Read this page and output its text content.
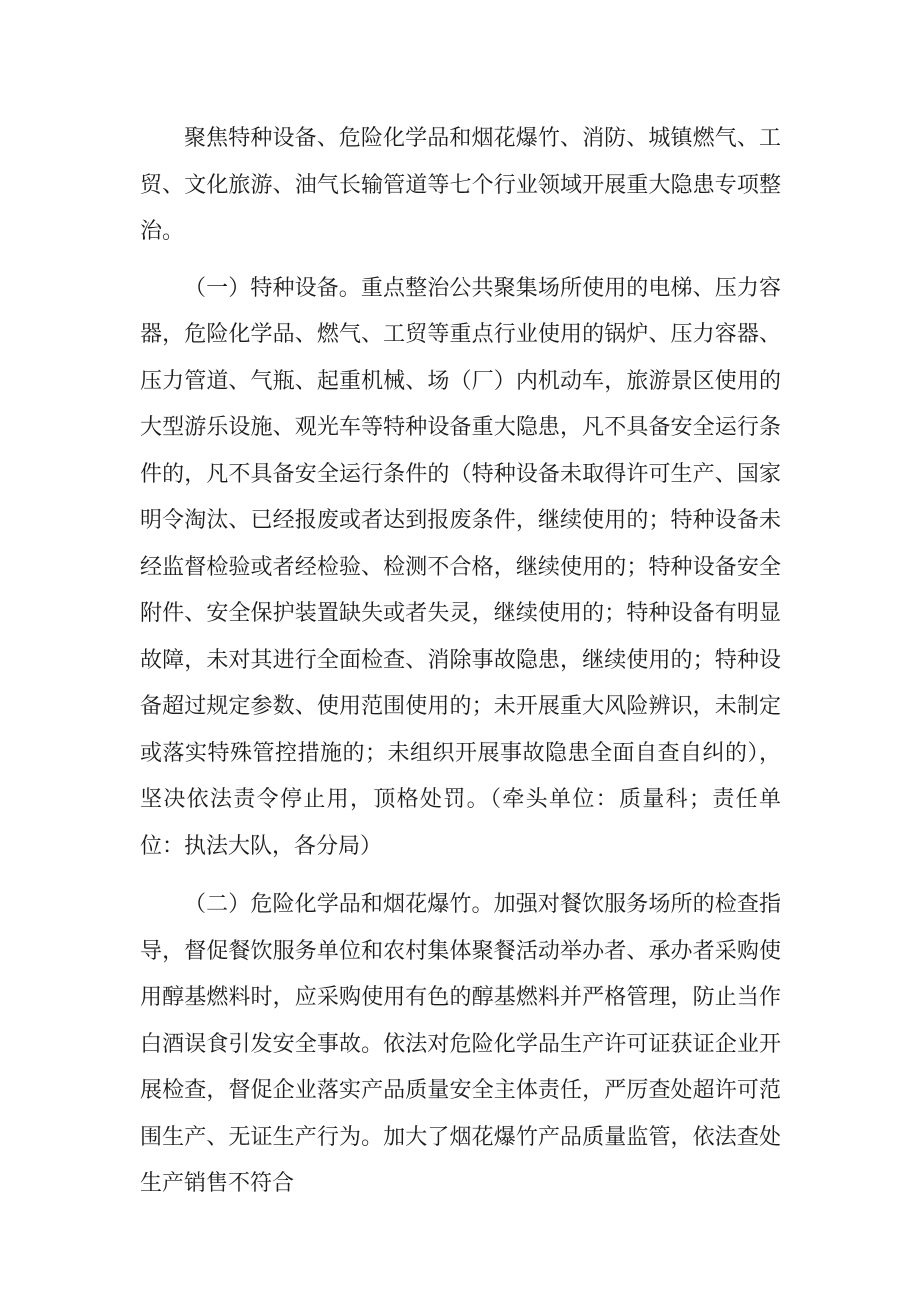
聚焦特种设备、危险化学品和烟花爆竹、消防、城镇燃气、工贸、文化旅游、油气长输管道等七个行业领域开展重大隐患专项整治。

（一）特种设备。重点整治公共聚集场所使用的电梯、压力容器，危险化学品、燃气、工贸等重点行业使用的锅炉、压力容器、压力管道、气瓶、起重机械、场（厂）内机动车，旅游景区使用的大型游乐设施、观光车等特种设备重大隐患，凡不具备安全运行条件的，凡不具备安全运行条件的（特种设备未取得许可生产、国家明令淘汰、已经报废或者达到报废条件，继续使用的；特种设备未经监督检验或者经检验、检测不合格，继续使用的；特种设备安全附件、安全保护装置缺失或者失灵，继续使用的；特种设备有明显故障，未对其进行全面检查、消除事故隐患，继续使用的；特种设备超过规定参数、使用范围使用的；未开展重大风险辨识，未制定或落实特殊管控措施的；未组织开展事故隐患全面自查自纠的），坚决依法责令停止用，顶格处罚。（牵头单位：质量科；责任单位：执法大队，各分局）

（二）危险化学品和烟花爆竹。加强对餐饮服务场所的检查指导，督促餐饮服务单位和农村集体聚餐活动举办者、承办者采购使用醇基燃料时，应采购使用有色的醇基燃料并严格管理，防止当作白酒误食引发安全事故。依法对危险化学品生产许可证获证企业开展检查，督促企业落实产品质量安全主体责任，严厉查处超许可范围生产、无证生产行为。加大了烟花爆竹产品质量监管，依法查处生产销售不符合
